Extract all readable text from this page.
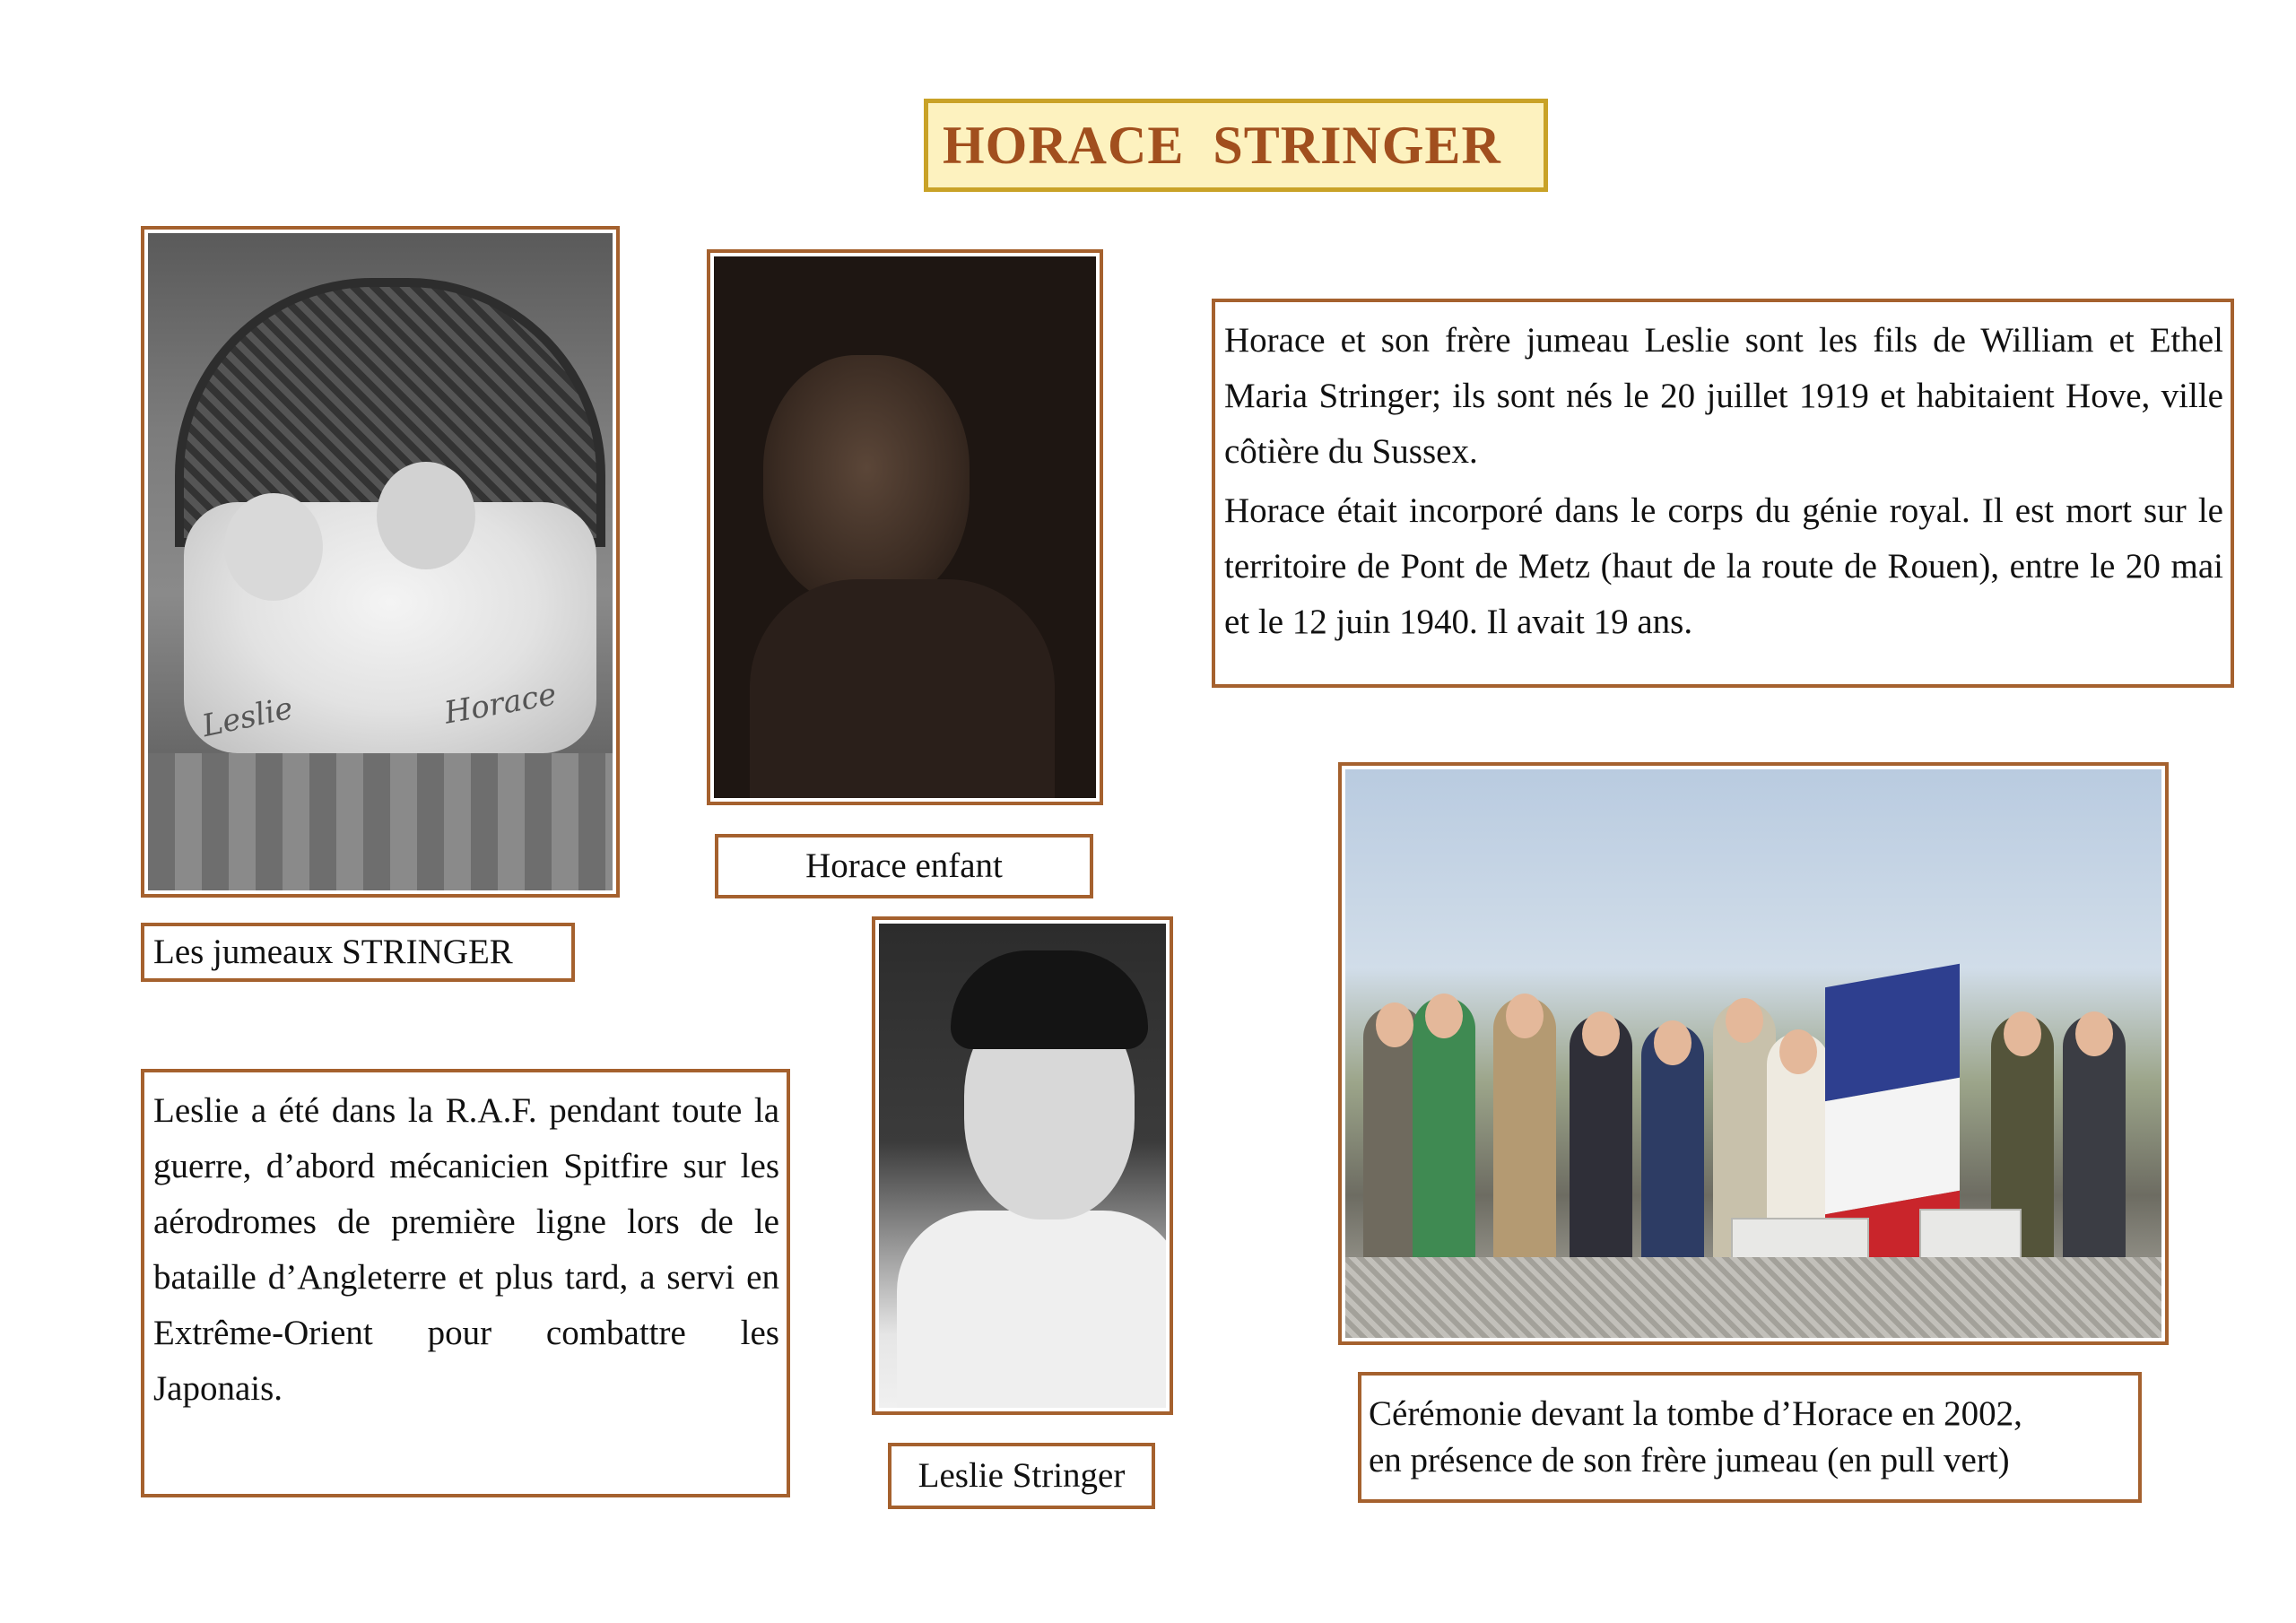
HORACE  STRINGER
Leslie	Horace
Les jumeaux STRINGER
Horace enfant

Horace et son frère jumeau Leslie sont les fils de William et Ethel Maria Stringer; ils sont nés le 20 juillet 1919 et habitaient Hove, ville côtière du Sussex.

Horace était incorporé dans le corps du génie royal. Il est mort sur le territoire de Pont de Metz (haut de la route de Rouen), entre le 20 mai et le 12 juin 1940. Il avait 19 ans.

Leslie Stringer

Leslie a été dans la R.A.F. pendant toute la guerre, d’abord mécanicien Spitfire sur les aérodromes de première ligne lors de le bataille d’Angleterre et plus tard, a servi en Extrême-Orient pour combattre les Japonais.

Cérémonie devant la tombe d’Horace en 2002,
en présence de son frère jumeau (en pull vert)
